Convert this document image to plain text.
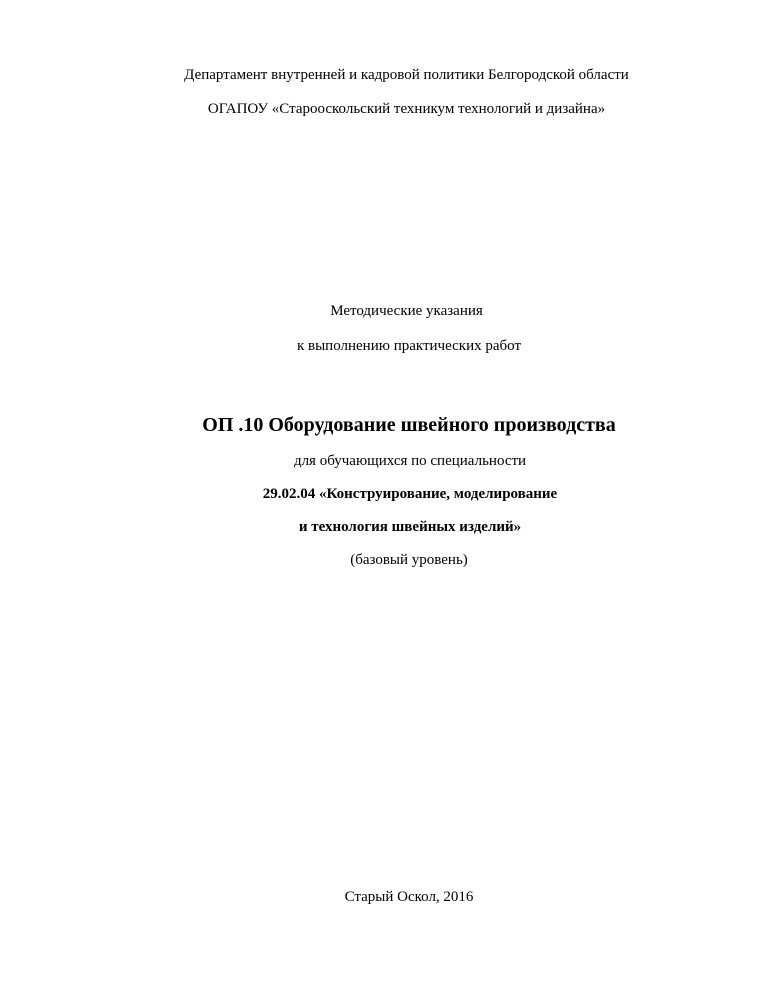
Департамент внутренней и кадровой политики Белгородской области
ОГАПОУ «Старооскольский техникум технологий и дизайна»
Методические указания
к выполнению практических работ
ОП .10 Оборудование швейного производства
для обучающихся по специальности
29.02.04 «Конструирование, моделирование
и технология швейных изделий»
(базовый уровень)
Старый Оскол, 2016
